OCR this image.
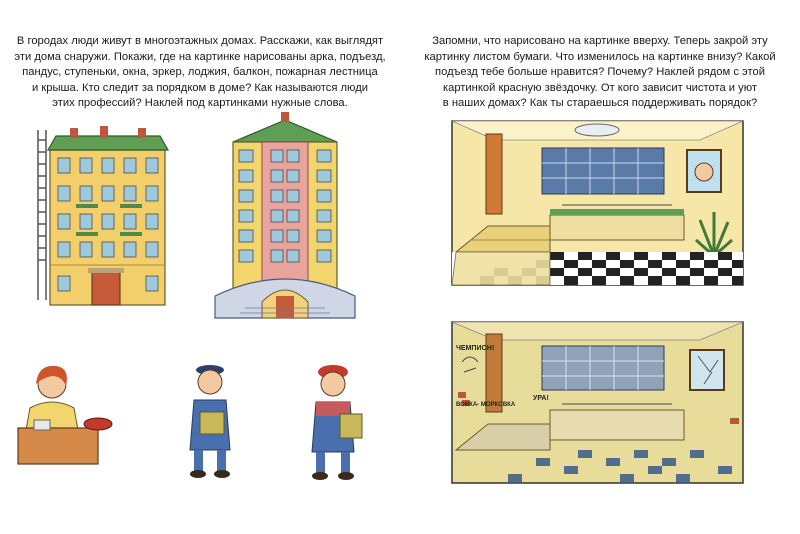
В городах люди живут в многоэтажных домах. Расскажи, как выглядят
эти дома снаружи. Покажи, где на картинке нарисованы арка, подъезд,
пандус, ступеньки, окна, эркер, лоджия, балкон, пожарная лестница
и крыша. Кто следит за порядком в доме? Как называются люди
этих профессий? Наклей под картинками нужные слова.
Запомни, что нарисовано на картинке вверху. Теперь закрой эту
картинку листом бумаги. Что изменилось на картинке внизу? Какой
подъезд тебе больше нравится? Почему? Наклей рядом с этой
картинкой красную звёздочку. От кого зависит чистота и уют
в наших домах? Как ты стараешься поддерживать порядок?
ЧЕМПИОН!
УРА!
ВОВКА- МОРКОВКА
